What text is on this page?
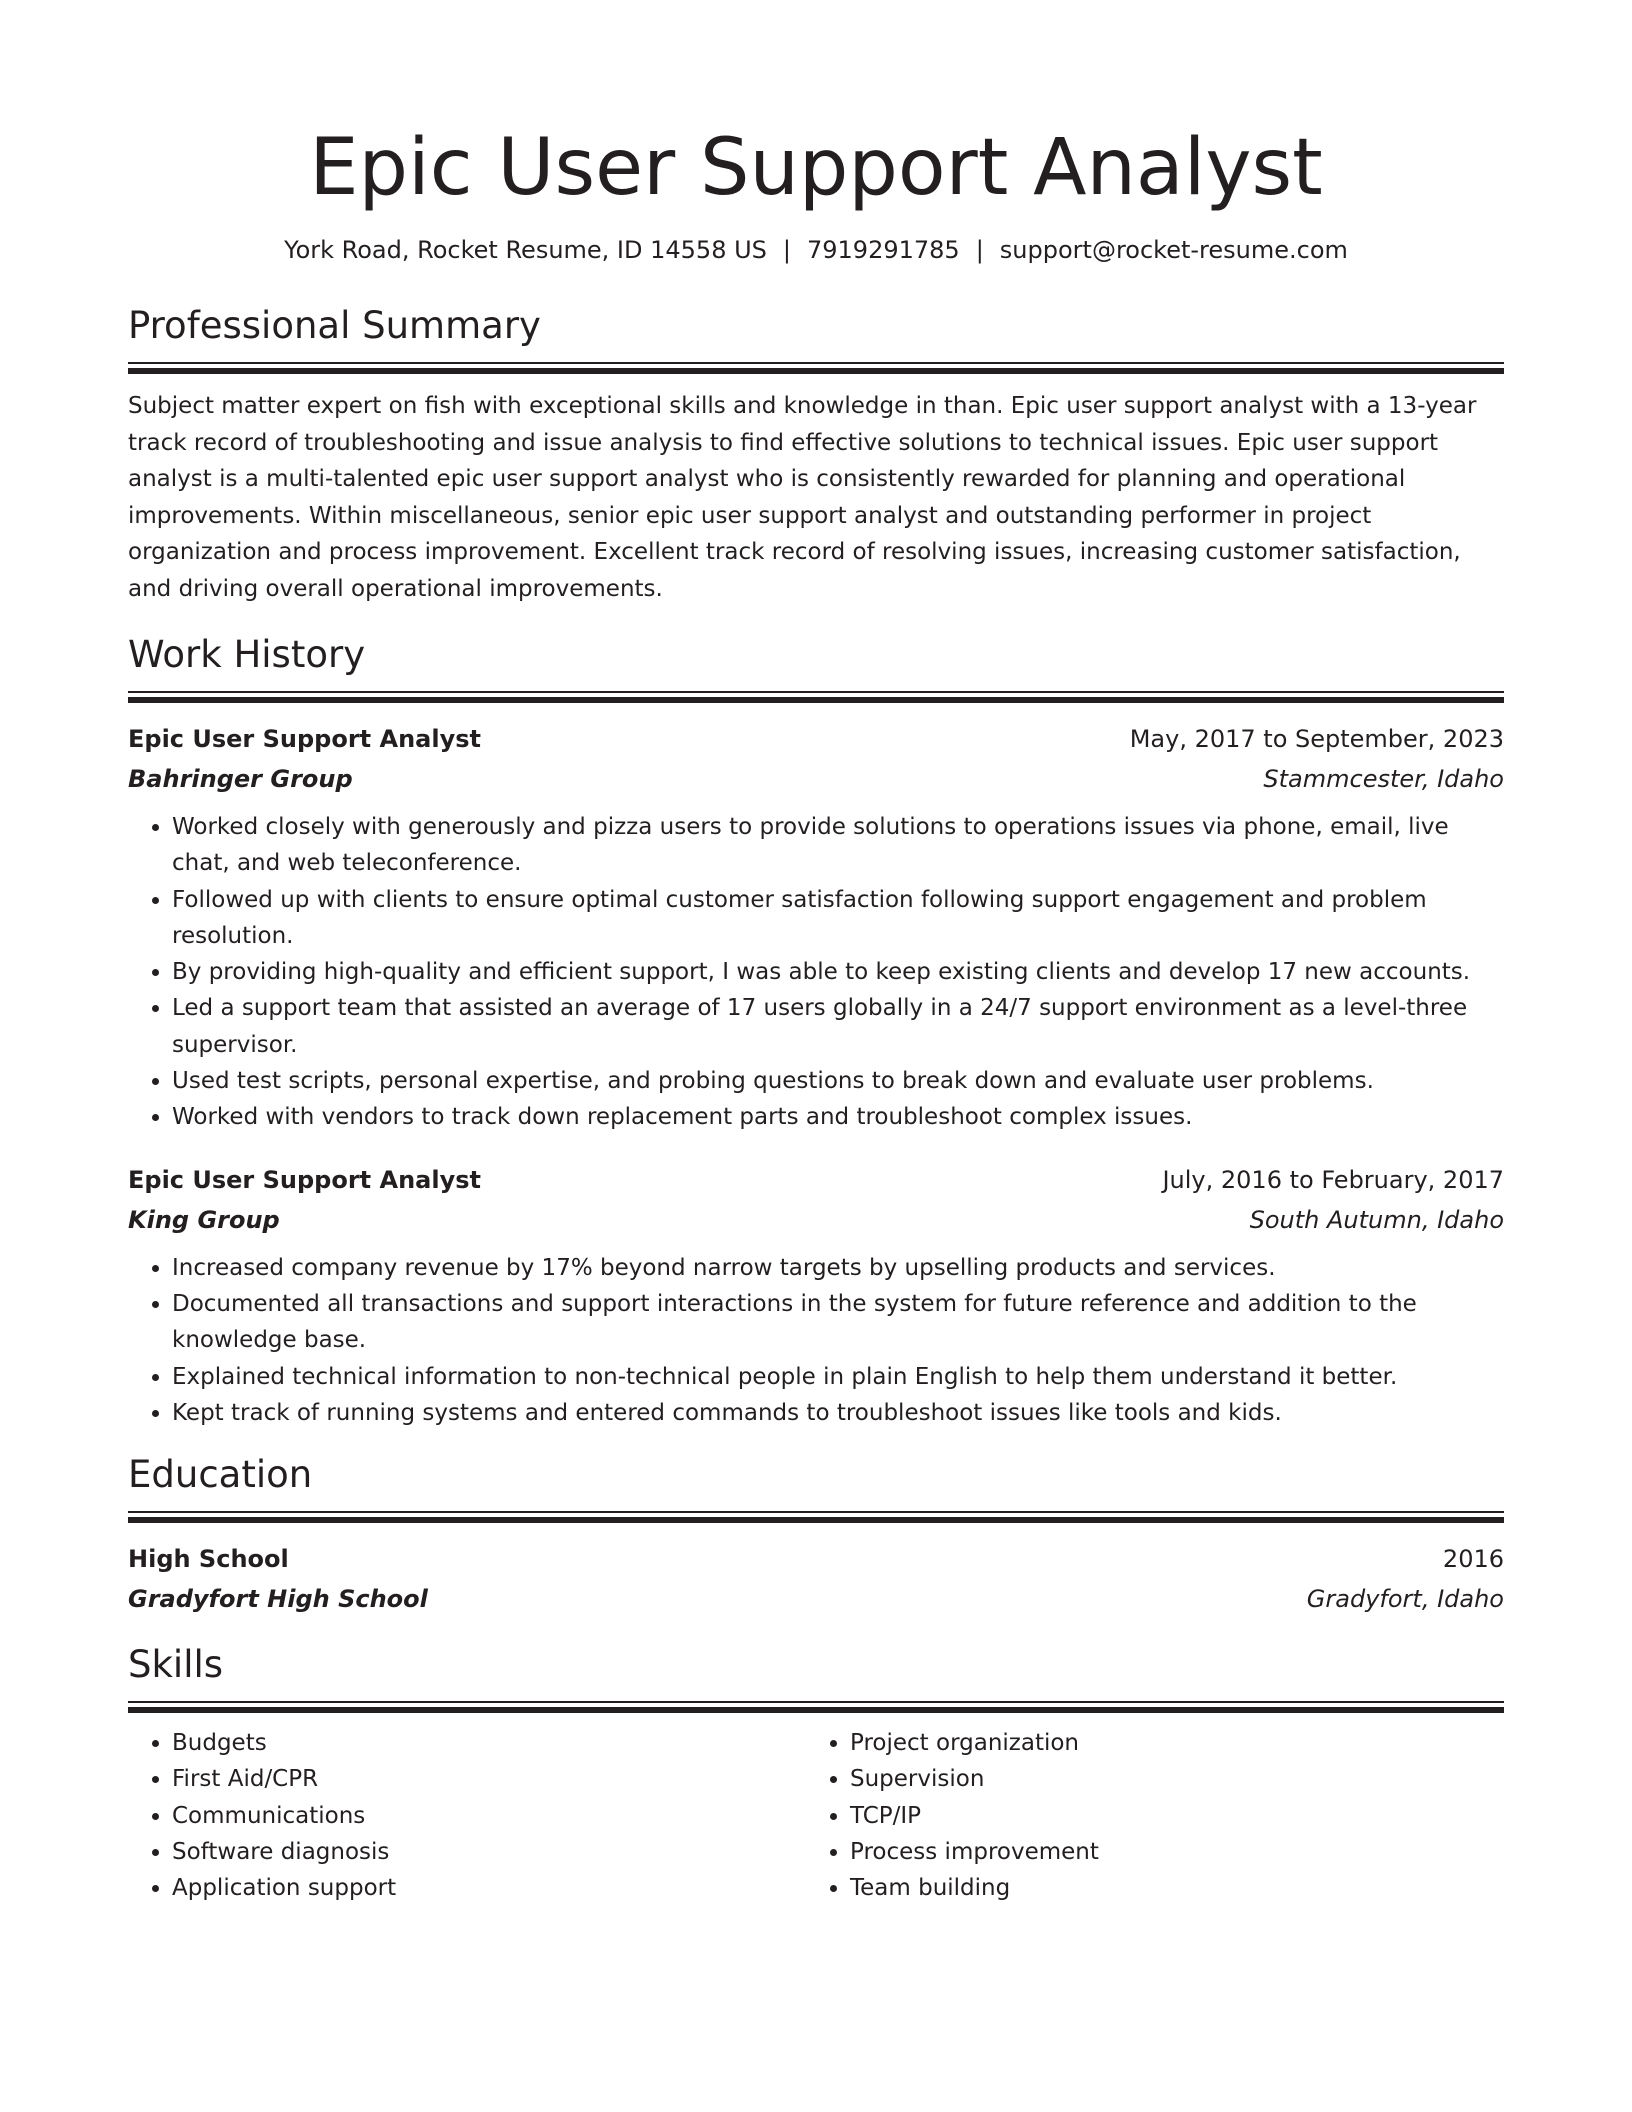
Epic User Support Analyst
York Road, Rocket Resume, ID 14558 US | 7919291785 | support@rocket-resume.com
Professional Summary
Subject matter expert on fish with exceptional skills and knowledge in than. Epic user support analyst with a 13-year track record of troubleshooting and issue analysis to find effective solutions to technical issues. Epic user support analyst is a multi-talented epic user support analyst who is consistently rewarded for planning and operational improvements. Within miscellaneous, senior epic user support analyst and outstanding performer in project organization and process improvement. Excellent track record of resolving issues, increasing customer satisfaction, and driving overall operational improvements.
Work History
Epic User Support Analyst	May, 2017 to September, 2023
Bahringer Group	Stammcester, Idaho
• Worked closely with generously and pizza users to provide solutions to operations issues via phone, email, live chat, and web teleconference.
• Followed up with clients to ensure optimal customer satisfaction following support engagement and problem resolution.
• By providing high-quality and efficient support, I was able to keep existing clients and develop 17 new accounts.
• Led a support team that assisted an average of 17 users globally in a 24/7 support environment as a level-three supervisor.
• Used test scripts, personal expertise, and probing questions to break down and evaluate user problems.
• Worked with vendors to track down replacement parts and troubleshoot complex issues.
Epic User Support Analyst	July, 2016 to February, 2017
King Group	South Autumn, Idaho
• Increased company revenue by 17% beyond narrow targets by upselling products and services.
• Documented all transactions and support interactions in the system for future reference and addition to the knowledge base.
• Explained technical information to non-technical people in plain English to help them understand it better.
• Kept track of running systems and entered commands to troubleshoot issues like tools and kids.
Education
High School	2016
Gradyfort High School	Gradyfort, Idaho
Skills
• Budgets
• First Aid/CPR
• Communications
• Software diagnosis
• Application support
• Project organization
• Supervision
• TCP/IP
• Process improvement
• Team building
